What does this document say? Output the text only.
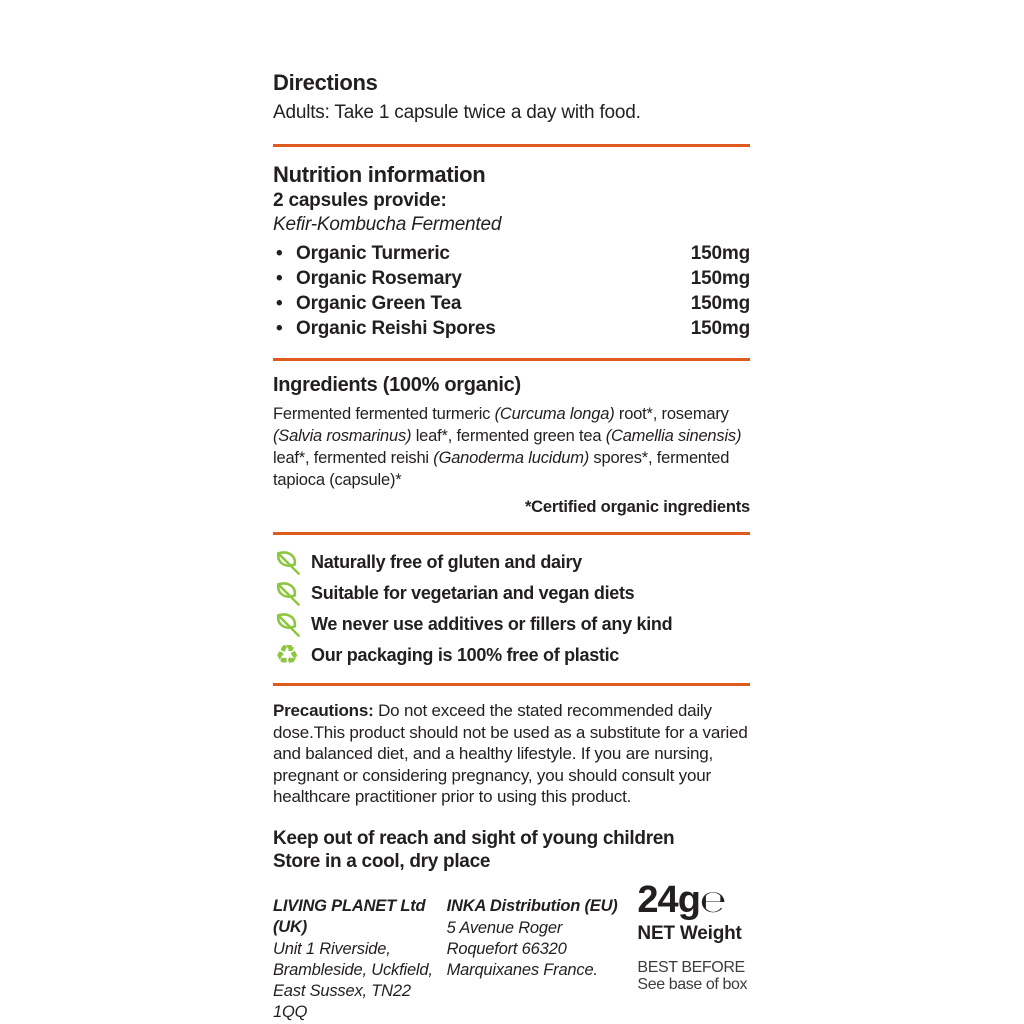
Directions

Adults: Take 1 capsule twice a day with food.

Nutrition information

2 capsules provide:

Kefir-Kombucha Fermented

• Organic Turmeric	150mg
• Organic Rosemary	150mg
• Organic Green Tea	150mg
• Organic Reishi Spores	150mg
Ingredients (100% organic)

Fermented fermented turmeric (Curcuma longa) root*, rosemary (Salvia rosmarinus) leaf*, fermented green tea (Camellia sinensis) leaf*, fermented reishi (Ganoderma lucidum) spores*, fermented tapioca (capsule)*

*Certified organic ingredients

Naturally free of gluten and dairy
Suitable for vegetarian and vegan diets
We never use additives or fillers of any kind
♻ Our packaging is 100% free of plastic

Precautions: Do not exceed the stated recommended daily dose.This product should not be used as a substitute for a varied and balanced diet, and a healthy lifestyle. If you are nursing, pregnant or considering pregnancy, you should consult your healthcare practitioner prior to using this product.

Keep out of reach and sight of young children

Store in a cool, dry place

LIVING PLANET Ltd (UK)
Unit 1 Riverside,
Brambleside, Uckfield,
East Sussex, TN22 1QQ
INKA Distribution (EU)
5 Avenue Roger
Roquefort 66320
Marquixanes France.
24g℮
NET Weight
BEST BEFORE
See base of box
